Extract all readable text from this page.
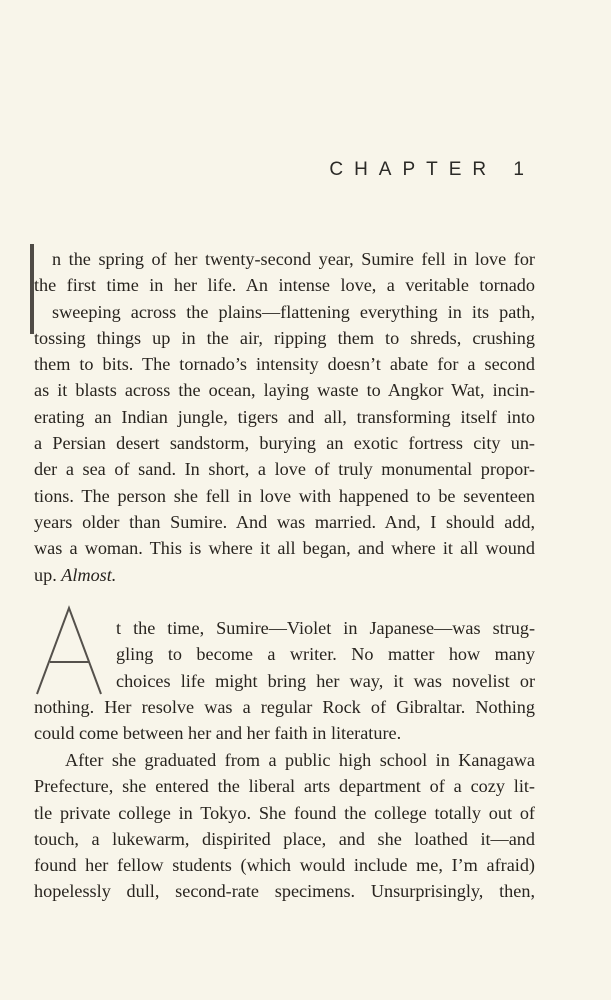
CHAPTER 1
n the spring of her twenty-second year, Sumire fell in love for
the first time in her life. An intense love, a veritable tornado
sweeping across the plains—flattening everything in its path,
tossing things up in the air, ripping them to shreds, crushing
them to bits. The tornado’s intensity doesn’t abate for a second
as it blasts across the ocean, laying waste to Angkor Wat, incin-
erating an Indian jungle, tigers and all, transforming itself into
a Persian desert sandstorm, burying an exotic fortress city un-
der a sea of sand. In short, a love of truly monumental propor-
tions. The person she fell in love with happened to be seventeen
years older than Sumire. And was married. And, I should add,
was a woman. This is where it all began, and where it all wound
up. Almost.
t the time, Sumire—Violet in Japanese—was strug-
gling to become a writer. No matter how many
choices life might bring her way, it was novelist or
nothing. Her resolve was a regular Rock of Gibraltar. Nothing
could come between her and her faith in literature.
After she graduated from a public high school in Kanagawa
Prefecture, she entered the liberal arts department of a cozy lit-
tle private college in Tokyo. She found the college totally out of
touch, a lukewarm, dispirited place, and she loathed it—and
found her fellow students (which would include me, I’m afraid)
hopelessly dull, second-rate specimens. Unsurprisingly, then,
